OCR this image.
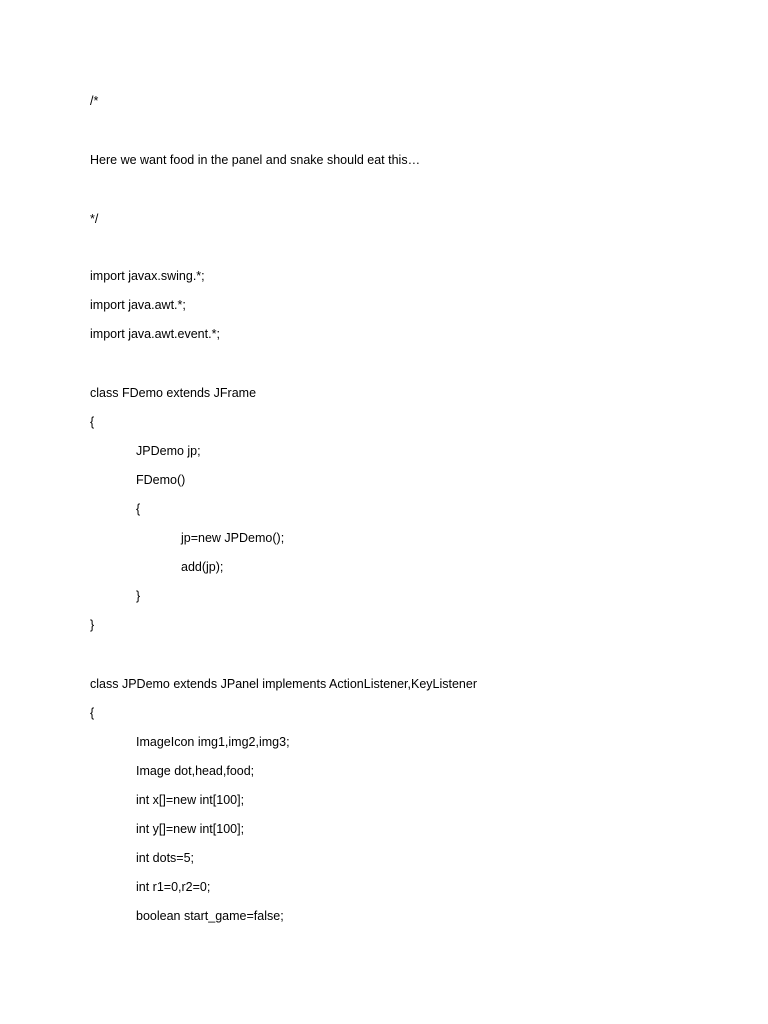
/*
Here we want food in the panel and snake should eat this…
*/
import javax.swing.*;
import java.awt.*;
import java.awt.event.*;
class FDemo extends JFrame
{
JPDemo jp;
FDemo()
{
jp=new JPDemo();
add(jp);
}
}
class JPDemo extends JPanel implements ActionListener,KeyListener
{
ImageIcon img1,img2,img3;
Image dot,head,food;
int x[]=new int[100];
int y[]=new int[100];
int dots=5;
int r1=0,r2=0;
boolean start_game=false;
